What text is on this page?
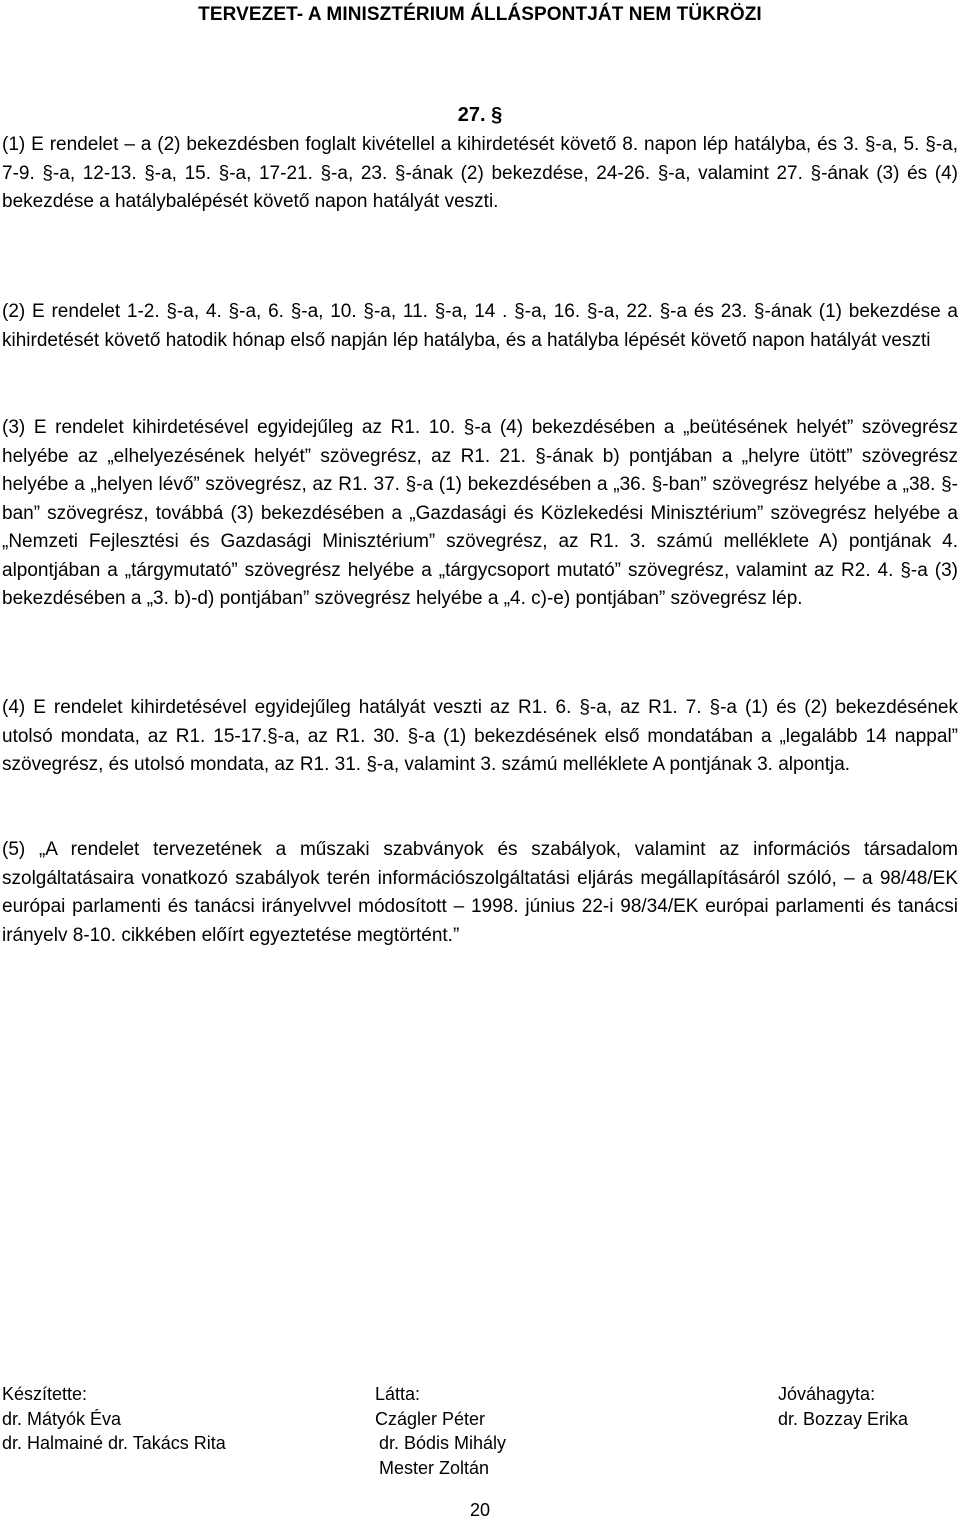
TERVEZET- A MINISZTÉRIUM ÁLLÁSPONTJÁT NEM TÜKRÖZI
27. §

(1) E rendelet – a (2) bekezdésben foglalt kivétellel a kihirdetését követő 8. napon lép hatályba, és 3. §-a, 5. §-a, 7-9. §-a, 12-13. §-a, 15. §-a, 17-21. §-a, 23. §-ának (2) bekezdése, 24-26. §-a, valamint 27. §-ának (3) és (4) bekezdése a hatálybalépését követő napon hatályát veszti.

(2) E rendelet 1-2. §-a, 4. §-a, 6. §-a, 10. §-a, 11. §-a, 14 . §-a, 16. §-a, 22. §-a és 23. §-ának (1) bekezdése a kihirdetését követő hatodik hónap első napján lép hatályba, és a hatályba lépését követő napon hatályát veszti

(3) E rendelet kihirdetésével egyidejűleg az R1. 10. §-a (4) bekezdésében a „beütésének helyét” szövegrész helyébe az „elhelyezésének helyét” szövegrész, az R1. 21. §-ának b) pontjában a „helyre ütött” szövegrész helyébe a „helyen lévő” szövegrész, az R1. 37. §-a (1) bekezdésében a „36. §-ban” szövegrész helyébe a „38. §-ban” szövegrész, továbbá (3) bekezdésében a „Gazdasági és Közlekedési Minisztérium” szövegrész helyébe a „Nemzeti Fejlesztési és Gazdasági Minisztérium” szövegrész, az R1. 3. számú melléklete A) pontjának 4. alpontjában a „tárgymutató” szövegrész helyébe a „tárgycsoport mutató” szövegrész, valamint az R2. 4. §-a (3) bekezdésében a „3. b)-d) pontjában” szövegrész helyébe a „4. c)-e) pontjában” szövegrész lép.

(4) E rendelet kihirdetésével egyidejűleg hatályát veszti az R1. 6. §-a, az R1. 7. §-a (1) és (2) bekezdésének utolsó mondata, az R1. 15-17.§-a, az R1. 30. §-a (1) bekezdésének első mondatában a „legalább 14 nappal” szövegrész, és utolsó mondata, az R1. 31. §-a, valamint 3. számú melléklete A pontjának 3. alpontja.

(5) „A rendelet tervezetének a műszaki szabványok és szabályok, valamint az információs társadalom szolgáltatásaira vonatkozó szabályok terén információszolgáltatási eljárás megállapításáról szóló, – a 98/48/EK európai parlamenti és tanácsi irányelvvel módosított – 1998. június 22-i 98/34/EK európai parlamenti és tanácsi irányelv 8-10. cikkében előírt egyeztetése megtörtént.”

Készítette:
dr. Mátyók Éva
dr. Halmainé dr. Takács Rita
Látta:
Czágler Péter
dr. Bódis Mihály
Mester Zoltán
Jóváhagyta:
dr. Bozzay Erika
20
